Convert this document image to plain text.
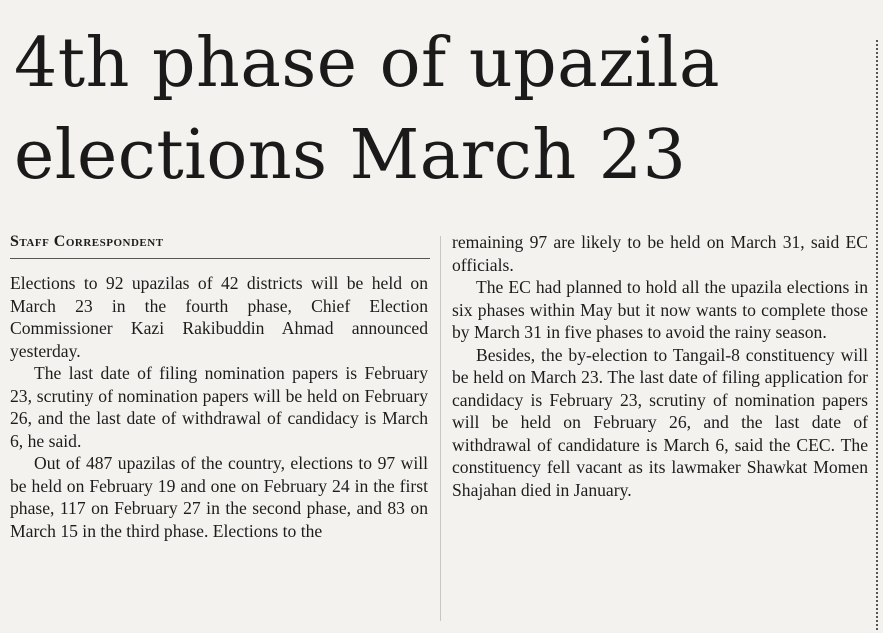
4th phase of upazila elections March 23
Staff Correspondent

Elections to 92 upazilas of 42 districts will be held on March 23 in the fourth phase, Chief Election Commissioner Kazi Rakibuddin Ahmad announced yesterday.

The last date of filing nomination papers is February 23, scrutiny of nomination papers will be held on February 26, and the last date of withdrawal of candidacy is March 6, he said.

Out of 487 upazilas of the country, elections to 97 will be held on February 19 and one on February 24 in the first phase, 117 on February 27 in the second phase, and 83 on March 15 in the third phase. Elections to the

remaining 97 are likely to be held on March 31, said EC officials.

The EC had planned to hold all the upazila elections in six phases within May but it now wants to complete those by March 31 in five phases to avoid the rainy season.

Besides, the by-election to Tangail-8 constituency will be held on March 23. The last date of filing application for candidacy is February 23, scrutiny of nomination papers will be held on February 26, and the last date of withdrawal of candidature is March 6, said the CEC. The constituency fell vacant as its lawmaker Shawkat Momen Shajahan died in January.
